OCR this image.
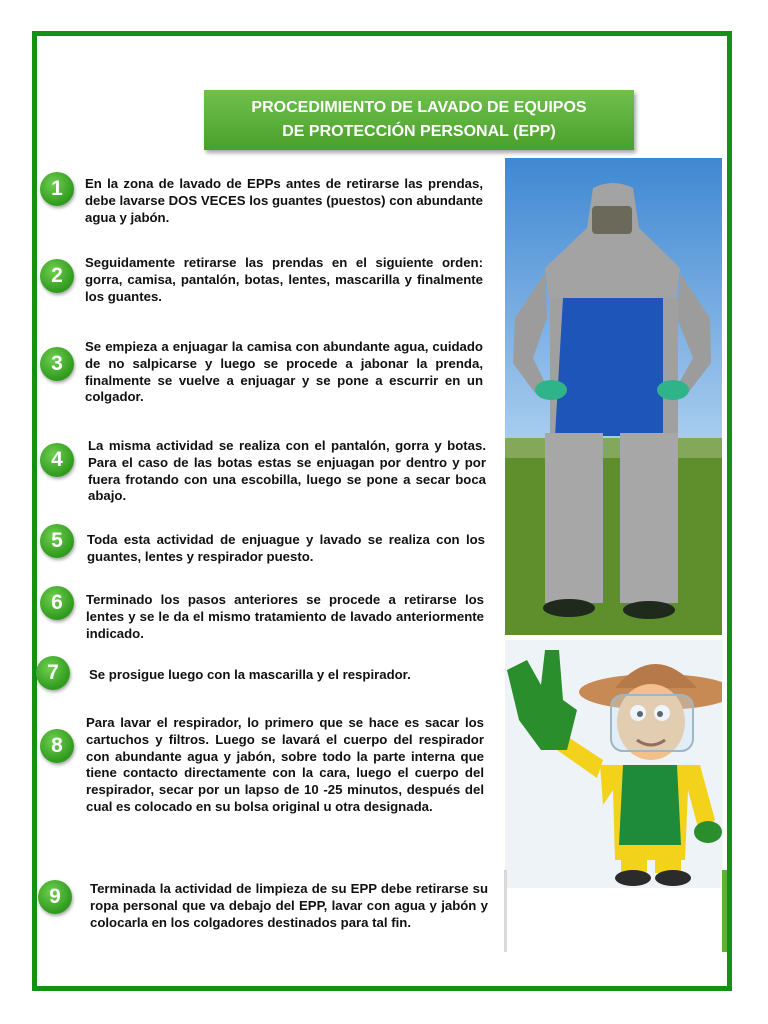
PROCEDIMIENTO DE LAVADO DE EQUIPOS
DE PROTECCIÓN PERSONAL (EPP)
1	En la zona de lavado de EPPs antes de retirarse las prendas, debe lavarse DOS VECES los guantes (puestos) con abundante agua y jabón.

2

Seguidamente retirarse las prendas en el siguiente orden: gorra, camisa, pantalón, botas, lentes, mascarilla y finalmente los guantes.

3

Se empieza a enjuagar la camisa con abundante agua, cuidado de no salpicarse y luego se procede a jabonar la prenda, finalmente se vuelve a enjuagar y se pone a escurrir en un colgador.

4

La misma actividad se realiza con el pantalón, gorra y botas. Para el caso de las botas estas se enjuagan por dentro y por fuera frotando con una escobilla, luego se pone a secar boca abajo.

5	Toda esta actividad de enjuague y lavado se realiza con los guantes, lentes y respirador puesto.

6	Terminado los pasos anteriores se procede a retirarse los lentes y se le da el mismo tratamiento de lavado anteriormente indicado.

7	Se prosigue luego con la mascarilla y el respirador.

8

Para lavar el respirador, lo primero que se hace es sacar los cartuchos y filtros. Luego se lavará el cuerpo del respirador con abundante agua y jabón, sobre todo la parte interna que tiene contacto directamente con la cara, luego el cuerpo del respirador, secar por un lapso de 10 -25 minutos, después del cual es colocado en su bolsa original u otra designada.

9	Terminada la actividad de limpieza de su EPP debe retirarse su ropa personal que va debajo del EPP, lavar con agua y jabón y colocarla en los colgadores destinados para tal fin.
